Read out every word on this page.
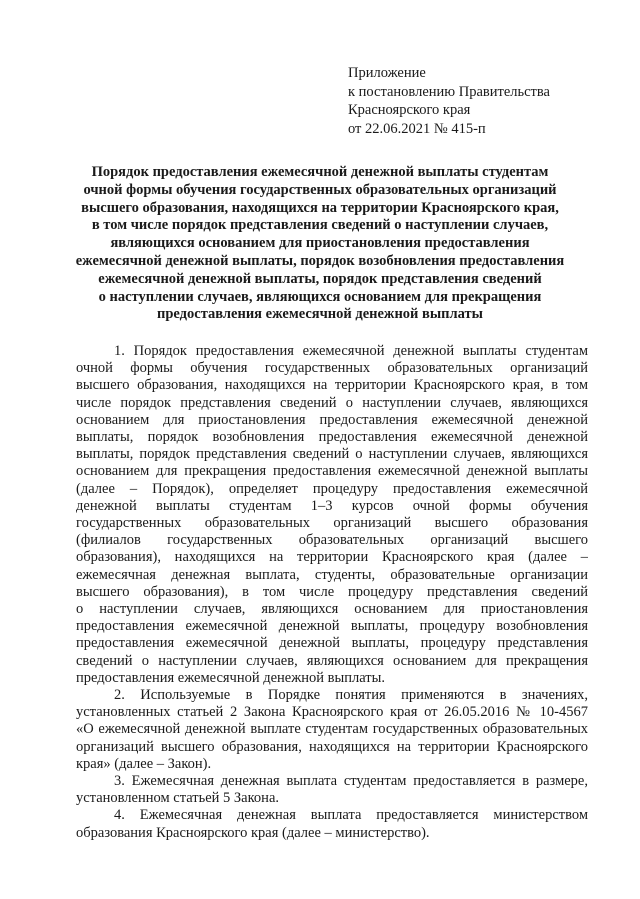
Приложение
к постановлению Правительства
Красноярского края
от 22.06.2021 № 415-п
Порядок предоставления ежемесячной денежной выплаты студентам
очной формы обучения государственных образовательных организаций
высшего образования, находящихся на территории Красноярского края,
в том числе порядок представления сведений о наступлении случаев,
являющихся основанием для приостановления предоставления
ежемесячной денежной выплаты, порядок возобновления предоставления
ежемесячной денежной выплаты, порядок представления сведений
о наступлении случаев, являющихся основанием для прекращения
предоставления ежемесячной денежной выплаты
1. Порядок предоставления ежемесячной денежной выплаты студентам
очной формы обучения государственных образовательных организаций
высшего образования, находящихся на территории Красноярского края, в том
числе порядок представления сведений о наступлении случаев, являющихся
основанием для приостановления предоставления ежемесячной денежной
выплаты, порядок возобновления предоставления ежемесячной денежной
выплаты, порядок представления сведений о наступлении случаев, являющихся
основанием для прекращения предоставления ежемесячной денежной выплаты
(далее – Порядок), определяет процедуру предоставления ежемесячной
денежной выплаты студентам 1–3 курсов очной формы обучения
государственных образовательных организаций высшего образования
(филиалов государственных образовательных организаций высшего
образования), находящихся на территории Красноярского края (далее –
ежемесячная денежная выплата, студенты, образовательные организации
высшего образования), в том числе процедуру представления сведений
о наступлении случаев, являющихся основанием для приостановления
предоставления ежемесячной денежной выплаты, процедуру возобновления
предоставления ежемесячной денежной выплаты, процедуру представления
сведений о наступлении случаев, являющихся основанием для прекращения
предоставления ежемесячной денежной выплаты.
2. Используемые в Порядке понятия применяются в значениях,
установленных статьей 2 Закона Красноярского края от 26.05.2016 № 10-4567
«О ежемесячной денежной выплате студентам государственных образовательных
организаций высшего образования, находящихся на территории Красноярского
края» (далее – Закон).
3. Ежемесячная денежная выплата студентам предоставляется в размере,
установленном статьей 5 Закона.
4. Ежемесячная денежная выплата предоставляется министерством
образования Красноярского края (далее – министерство).
